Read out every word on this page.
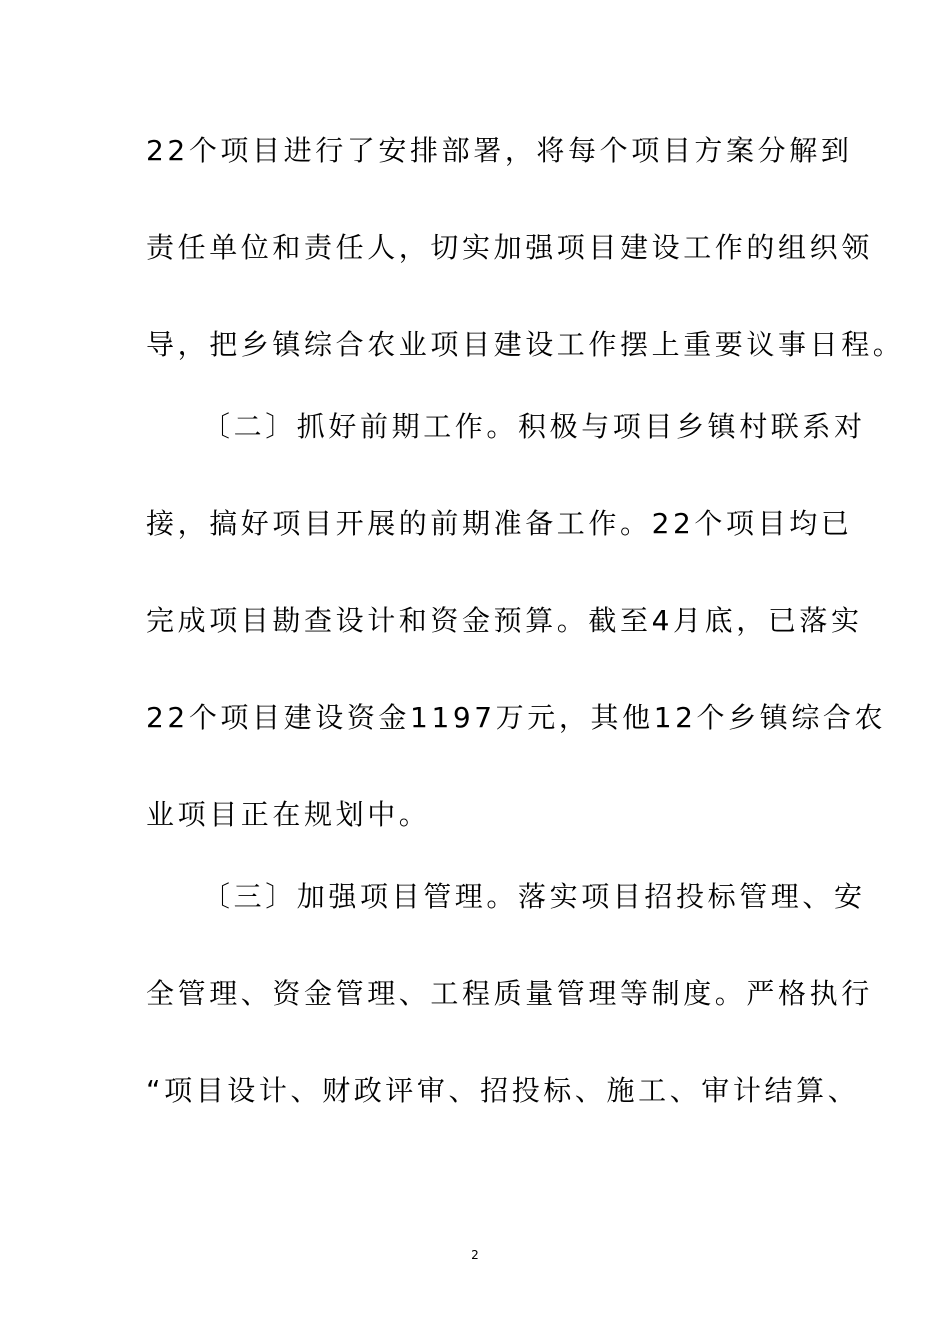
22个项目进行了安排部署，将每个项目方案分解到
责任单位和责任人，切实加强项目建设工作的组织领
导，把乡镇综合农业项目建设工作摆上重要议事日程。
〔二〕抓好前期工作。积极与项目乡镇村联系对
接，搞好项目开展的前期准备工作。22个项目均已
完成项目勘查设计和资金预算。截至4月底，已落实
22个项目建设资金1197万元，其他12个乡镇综合农
业项目正在规划中。
〔三〕加强项目管理。落实项目招投标管理、安
全管理、资金管理、工程质量管理等制度。严格执行
“项目设计、财政评审、招投标、施工、审计结算、
2
